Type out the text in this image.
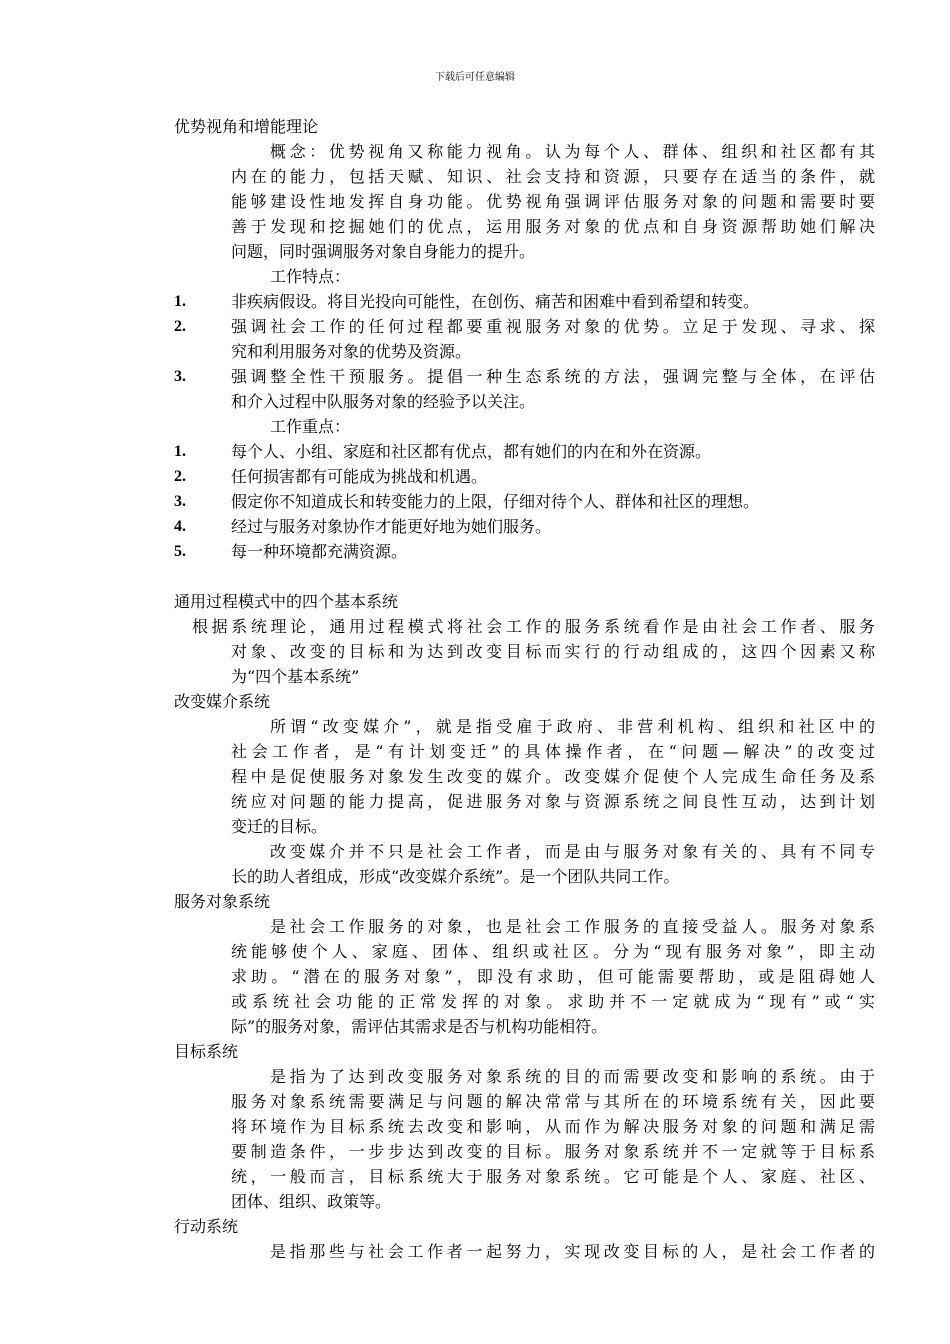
下载后可任意编辑
优势视角和增能理论
概念：优势视角又称能力视角。认为每个人、群体、组织和社区都有其
内在的能力，包括天赋、知识、社会支持和资源，只要存在适当的条件，就
能够建设性地发挥自身功能。优势视角强调评估服务对象的问题和需要时要
善于发现和挖掘她们的优点，运用服务对象的优点和自身资源帮助她们解决
问题，同时强调服务对象自身能力的提升。
工作特点：
1.	非疾病假设。将目光投向可能性，在创伤、痛苦和困难中看到希望和转变。
2.	强调社会工作的任何过程都要重视服务对象的优势。立足于发现、寻求、探
究和利用服务对象的优势及资源。
3.	强调整全性干预服务。提倡一种生态系统的方法，强调完整与全体，在评估
和介入过程中队服务对象的经验予以关注。
工作重点：
1.	每个人、小组、家庭和社区都有优点，都有她们的内在和外在资源。
2.	任何损害都有可能成为挑战和机遇。
3.	假定你不知道成长和转变能力的上限，仔细对待个人、群体和社区的理想。
4.	经过与服务对象协作才能更好地为她们服务。
5.	每一种环境都充满资源。
通用过程模式中的四个基本系统
根据系统理论，通用过程模式将社会工作的服务系统看作是由社会工作者、服务
对象、改变的目标和为达到改变目标而实行的行动组成的，这四个因素又称
为“四个基本系统”
改变媒介系统
所谓“改变媒介”，就是指受雇于政府、非营利机构、组织和社区中的
社会工作者，是“有计划变迁”的具体操作者，在“问题—解决”的改变过
程中是促使服务对象发生改变的媒介。改变媒介促使个人完成生命任务及系
统应对问题的能力提高，促进服务对象与资源系统之间良性互动，达到计划
变迁的目标。
改变媒介并不只是社会工作者，而是由与服务对象有关的、具有不同专
长的助人者组成，形成“改变媒介系统”。是一个团队共同工作。
服务对象系统
是社会工作服务的对象，也是社会工作服务的直接受益人。服务对象系
统能够使个人、家庭、团体、组织或社区。分为“现有服务对象”，即主动
求助。“潜在的服务对象”，即没有求助，但可能需要帮助，或是阻碍她人
或系统社会功能的正常发挥的对象。求助并不一定就成为“现有”或“实
际”的服务对象，需评估其需求是否与机构功能相符。
目标系统
是指为了达到改变服务对象系统的目的而需要改变和影响的系统。由于
服务对象系统需要满足与问题的解决常常与其所在的环境系统有关，因此要
将环境作为目标系统去改变和影响，从而作为解决服务对象的问题和满足需
要制造条件，一步步达到改变的目标。服务对象系统并不一定就等于目标系
统，一般而言，目标系统大于服务对象系统。它可能是个人、家庭、社区、
团体、组织、政策等。
行动系统
是指那些与社会工作者一起努力，实现改变目标的人，是社会工作者的
